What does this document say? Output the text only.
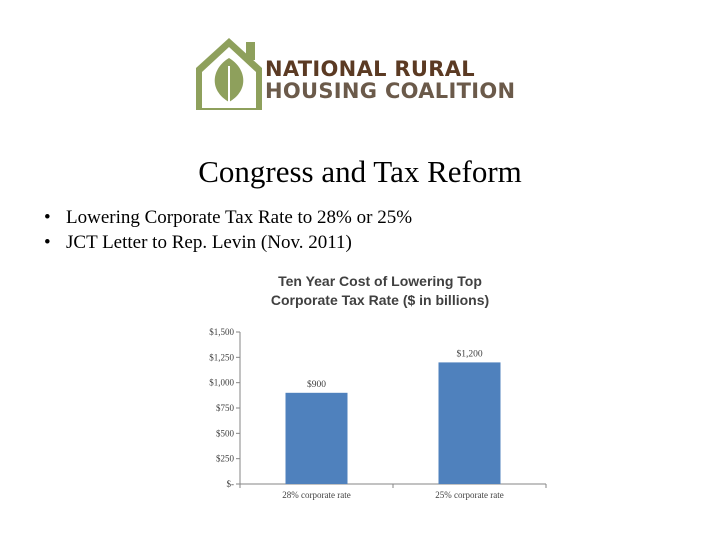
NATIONAL RURAL
HOUSING COALITION
Congress and Tax Reform
• Lowering Corporate Tax Rate to 28% or 25%
• JCT Letter to Rep. Levin (Nov. 2011)
Ten Year Cost of Lowering Top
Corporate Tax Rate ($ in billions)
$-
$250
$500
$750
$1,000
$1,250
$1,500
$900
28% corporate rate
$1,200
25% corporate rate
